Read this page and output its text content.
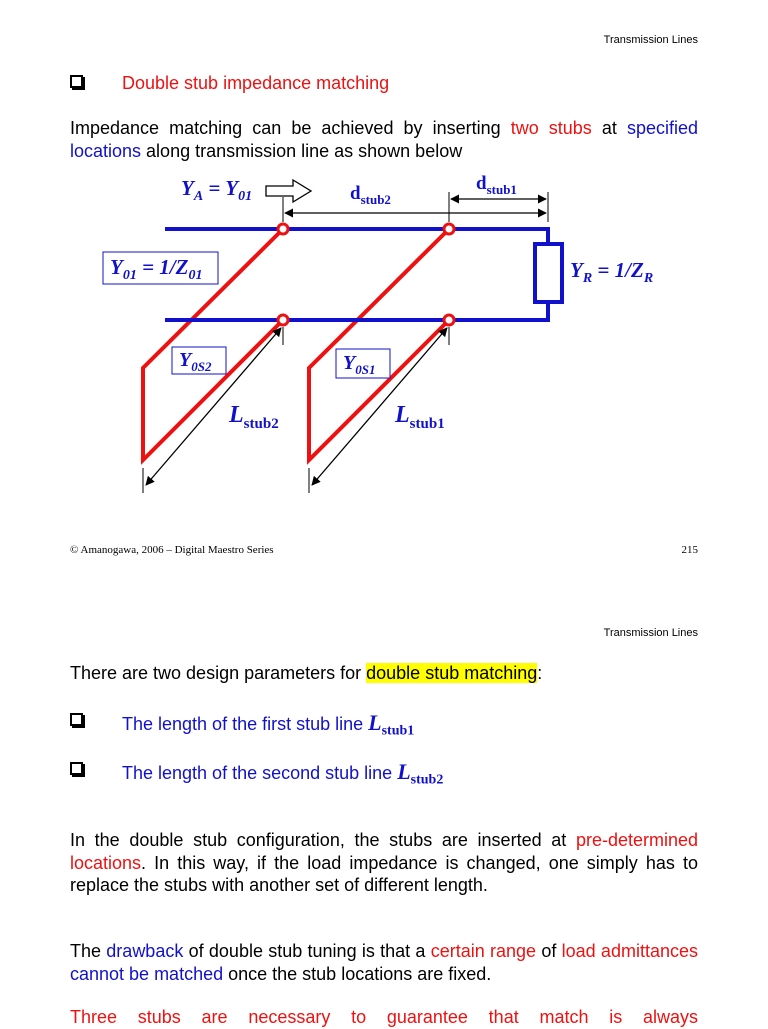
Transmission Lines
Double stub impedance matching
Impedance matching can be achieved by inserting two stubs at specified locations along transmission line as shown below
$Y_A = Y_{01}$	$d_{stub2}$
$d_{stub1}$
$Y_{01} = 1/Z_{01}$	$Y_R = 1/Z_R$
$Y_{0S2}$	$Y_{0S1}$
$L_{stub2}$	$L_{stub1}$
© Amanogawa, 2006 – Digital Maestro Series	215
Transmission Lines
There are two design parameters for double stub matching:
The length of the first stub line $L_{stub1}$
The length of the second stub line $L_{stub2}$
In the double stub configuration, the stubs are inserted at pre-determined locations. In this way, if the load impedance is changed, one simply has to replace the stubs with another set of different length.
The drawback of double stub tuning is that a certain range of load admittances cannot be matched once the stub locations are fixed.
Three stubs are necessary to guarantee that match is always
